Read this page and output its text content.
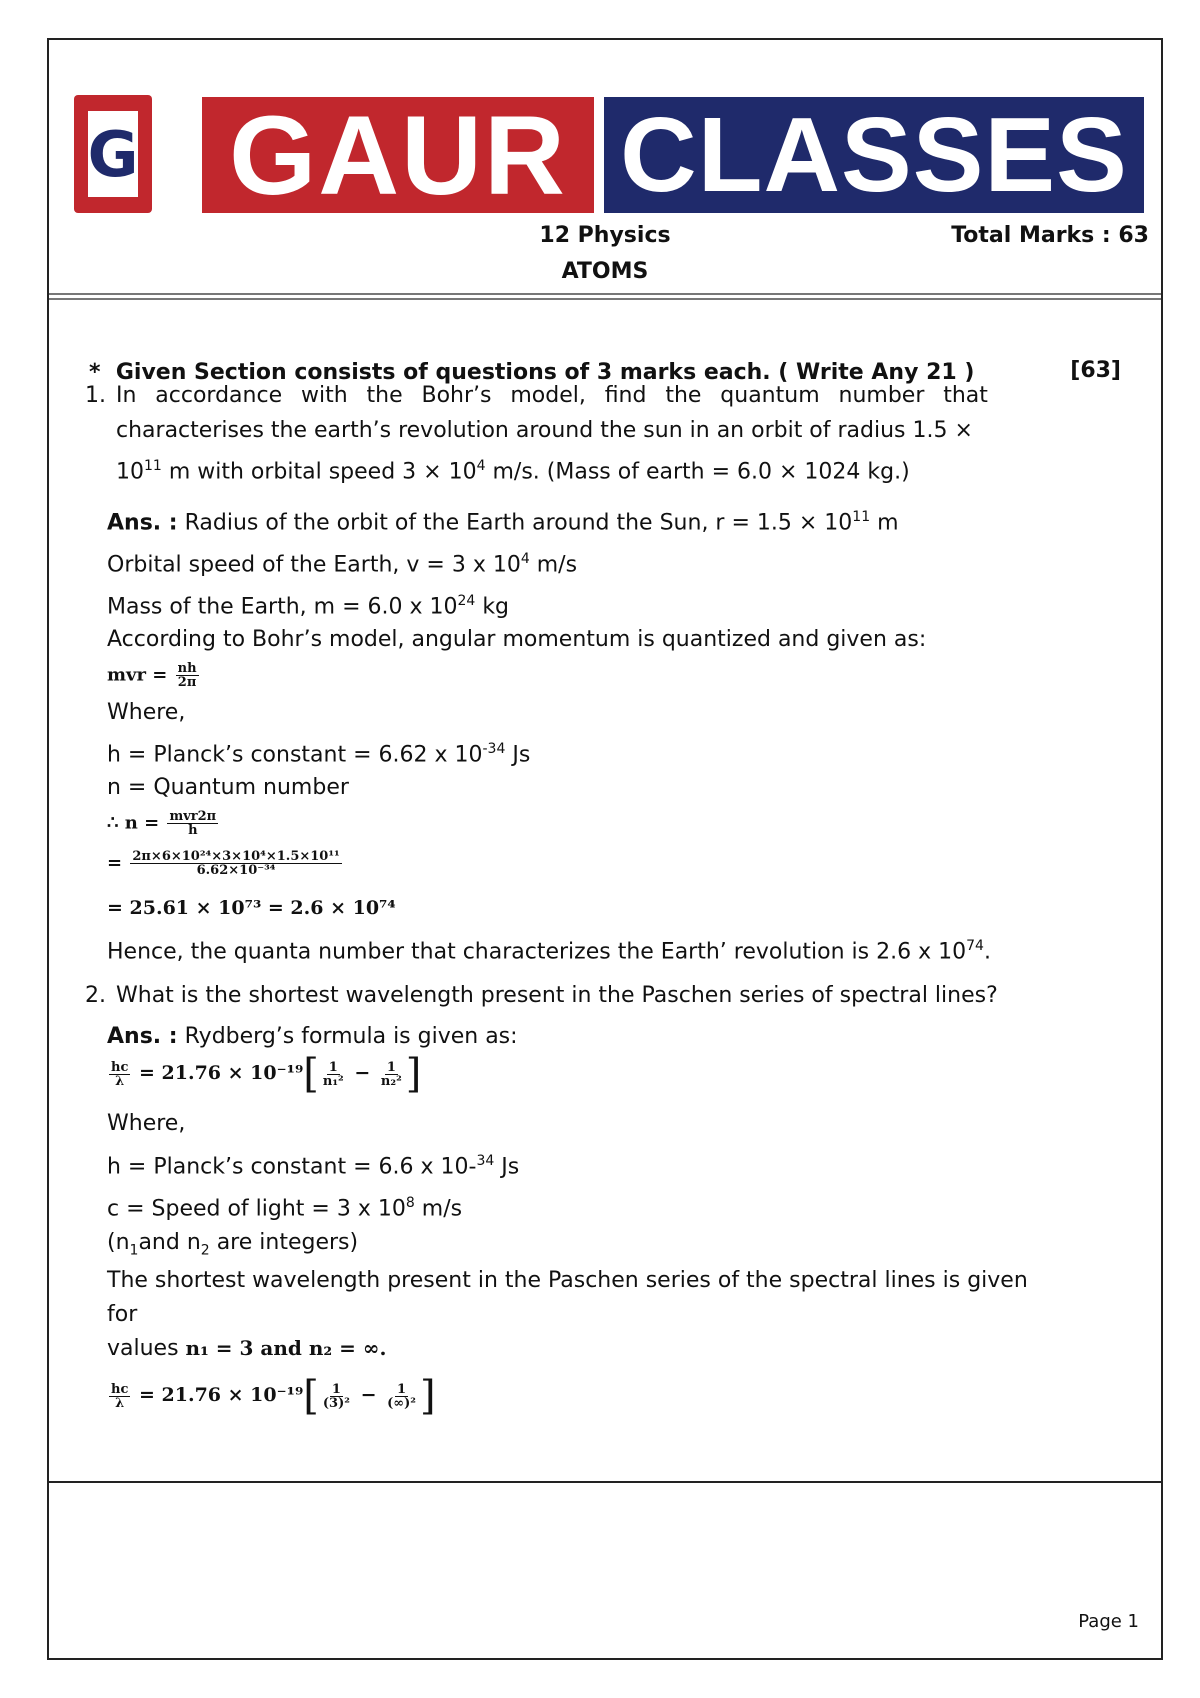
G GAUR CLASSES
12 Physics
ATOMS
Total Marks : 63
* Given Section consists of questions of 3 marks each. ( Write Any 21 )	[63]
1. In accordance with the Bohr’s model, find the quantum number that
characterises the earth’s revolution around the sun in an orbit of radius 1.5 ×
$10^{11}$ m with orbital speed $3 \times 10^4$ m/s. (Mass of earth = 6.0 × 1024 kg.)
Ans. : Radius of the orbit of the Earth around the Sun, $r = 1.5 \times 10^{11}$ m
Orbital speed of the Earth, v = 3 x $10^4$ m/s
Mass of the Earth, m = 6.0 x $10^{24}$ kg
According to Bohr’s model, angular momentum is quantized and given as:
mvr = $\frac{nh}{2\pi}$
Where,
h = Planck’s constant = 6.62 x $10^{-34}$ Js
n = Quantum number
∴ $n = \frac{\text{mvr2π}}{h}$
= $\frac{\text{2π×6×10²⁴×3×10⁴×1.5×10¹¹}}{\text{6.62×10⁻³⁴}}$
= 25.61 × 10⁷³ = 2.6 × 10⁷⁴
Hence, the quanta number that characterizes the Earth’ revolution is 2.6 x $10^{74}$.
2. What is the shortest wavelength present in the Paschen series of spectral lines?
Ans. : Rydberg’s formula is given as:
$\frac{hc}{\lambda} = 21.76 \times 10^{-19}[ \frac{1}{\text{n₁²}} - \frac{1}{\text{n₂²}}$ ]
Where,
h = Planck’s constant = 6.6 x 10-$^{34}$ Js
c = Speed of light = 3 x $10^8$ m/s
($n_1and$ $n_2$ are integers)
The shortest wavelength present in the Paschen series of the spectral lines is given
for
values n₁ = 3 and n₂ = ∞.
$\frac{hc}{\lambda} = 21.76 \times 10^{-19}[ \frac{1}{\text{(3)²}} - \frac{1}{\text{(∞)²}}$ ]
Page 1
